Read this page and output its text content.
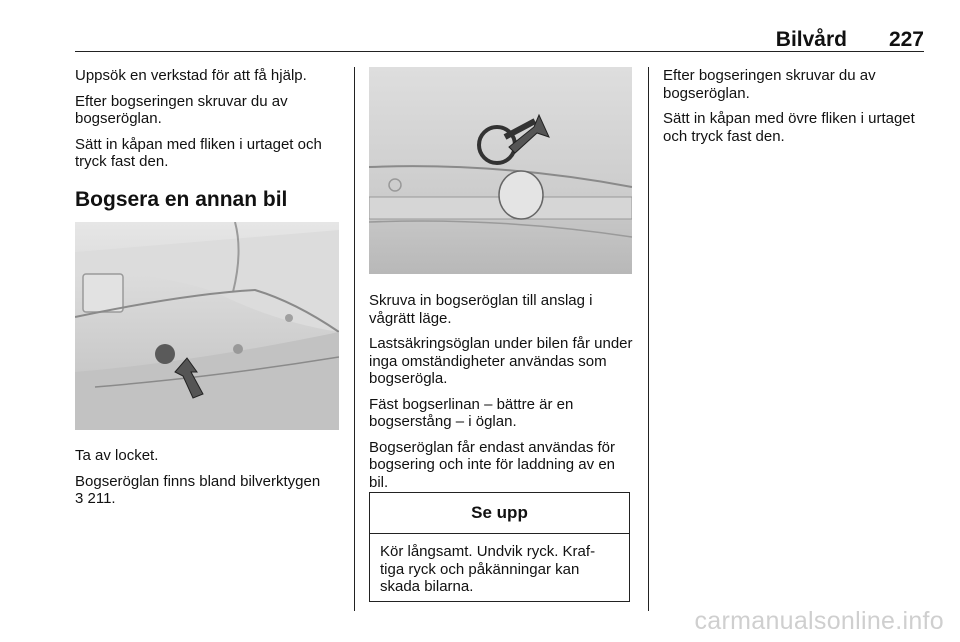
Bilvård 227

Uppsök en verkstad för att få hjälp.

Efter bogseringen skruvar du av bogseröglan.

Sätt in kåpan med fliken i urtaget och tryck fast den.

Bogsera en annan bil

Ta av locket.

Bogseröglan finns bland bilverktygen

3 211.

Skruva in bogseröglan till anslag i vågrätt läge.

Lastsäkringsöglan under bilen får under inga omständigheter användas som bogserögla.

Fäst bogserlinan – bättre är en bogserstång – i öglan.

Bogseröglan får endast användas för bogsering och inte för laddning av en bil.

Se upp
Kör långsamt. Undvik ryck. Kraf-tiga ryck och påkänningar kan skada bilarna.

Efter bogseringen skruvar du av bogseröglan.

Sätt in kåpan med övre fliken i urtaget och tryck fast den.

carmanualsonline.info
